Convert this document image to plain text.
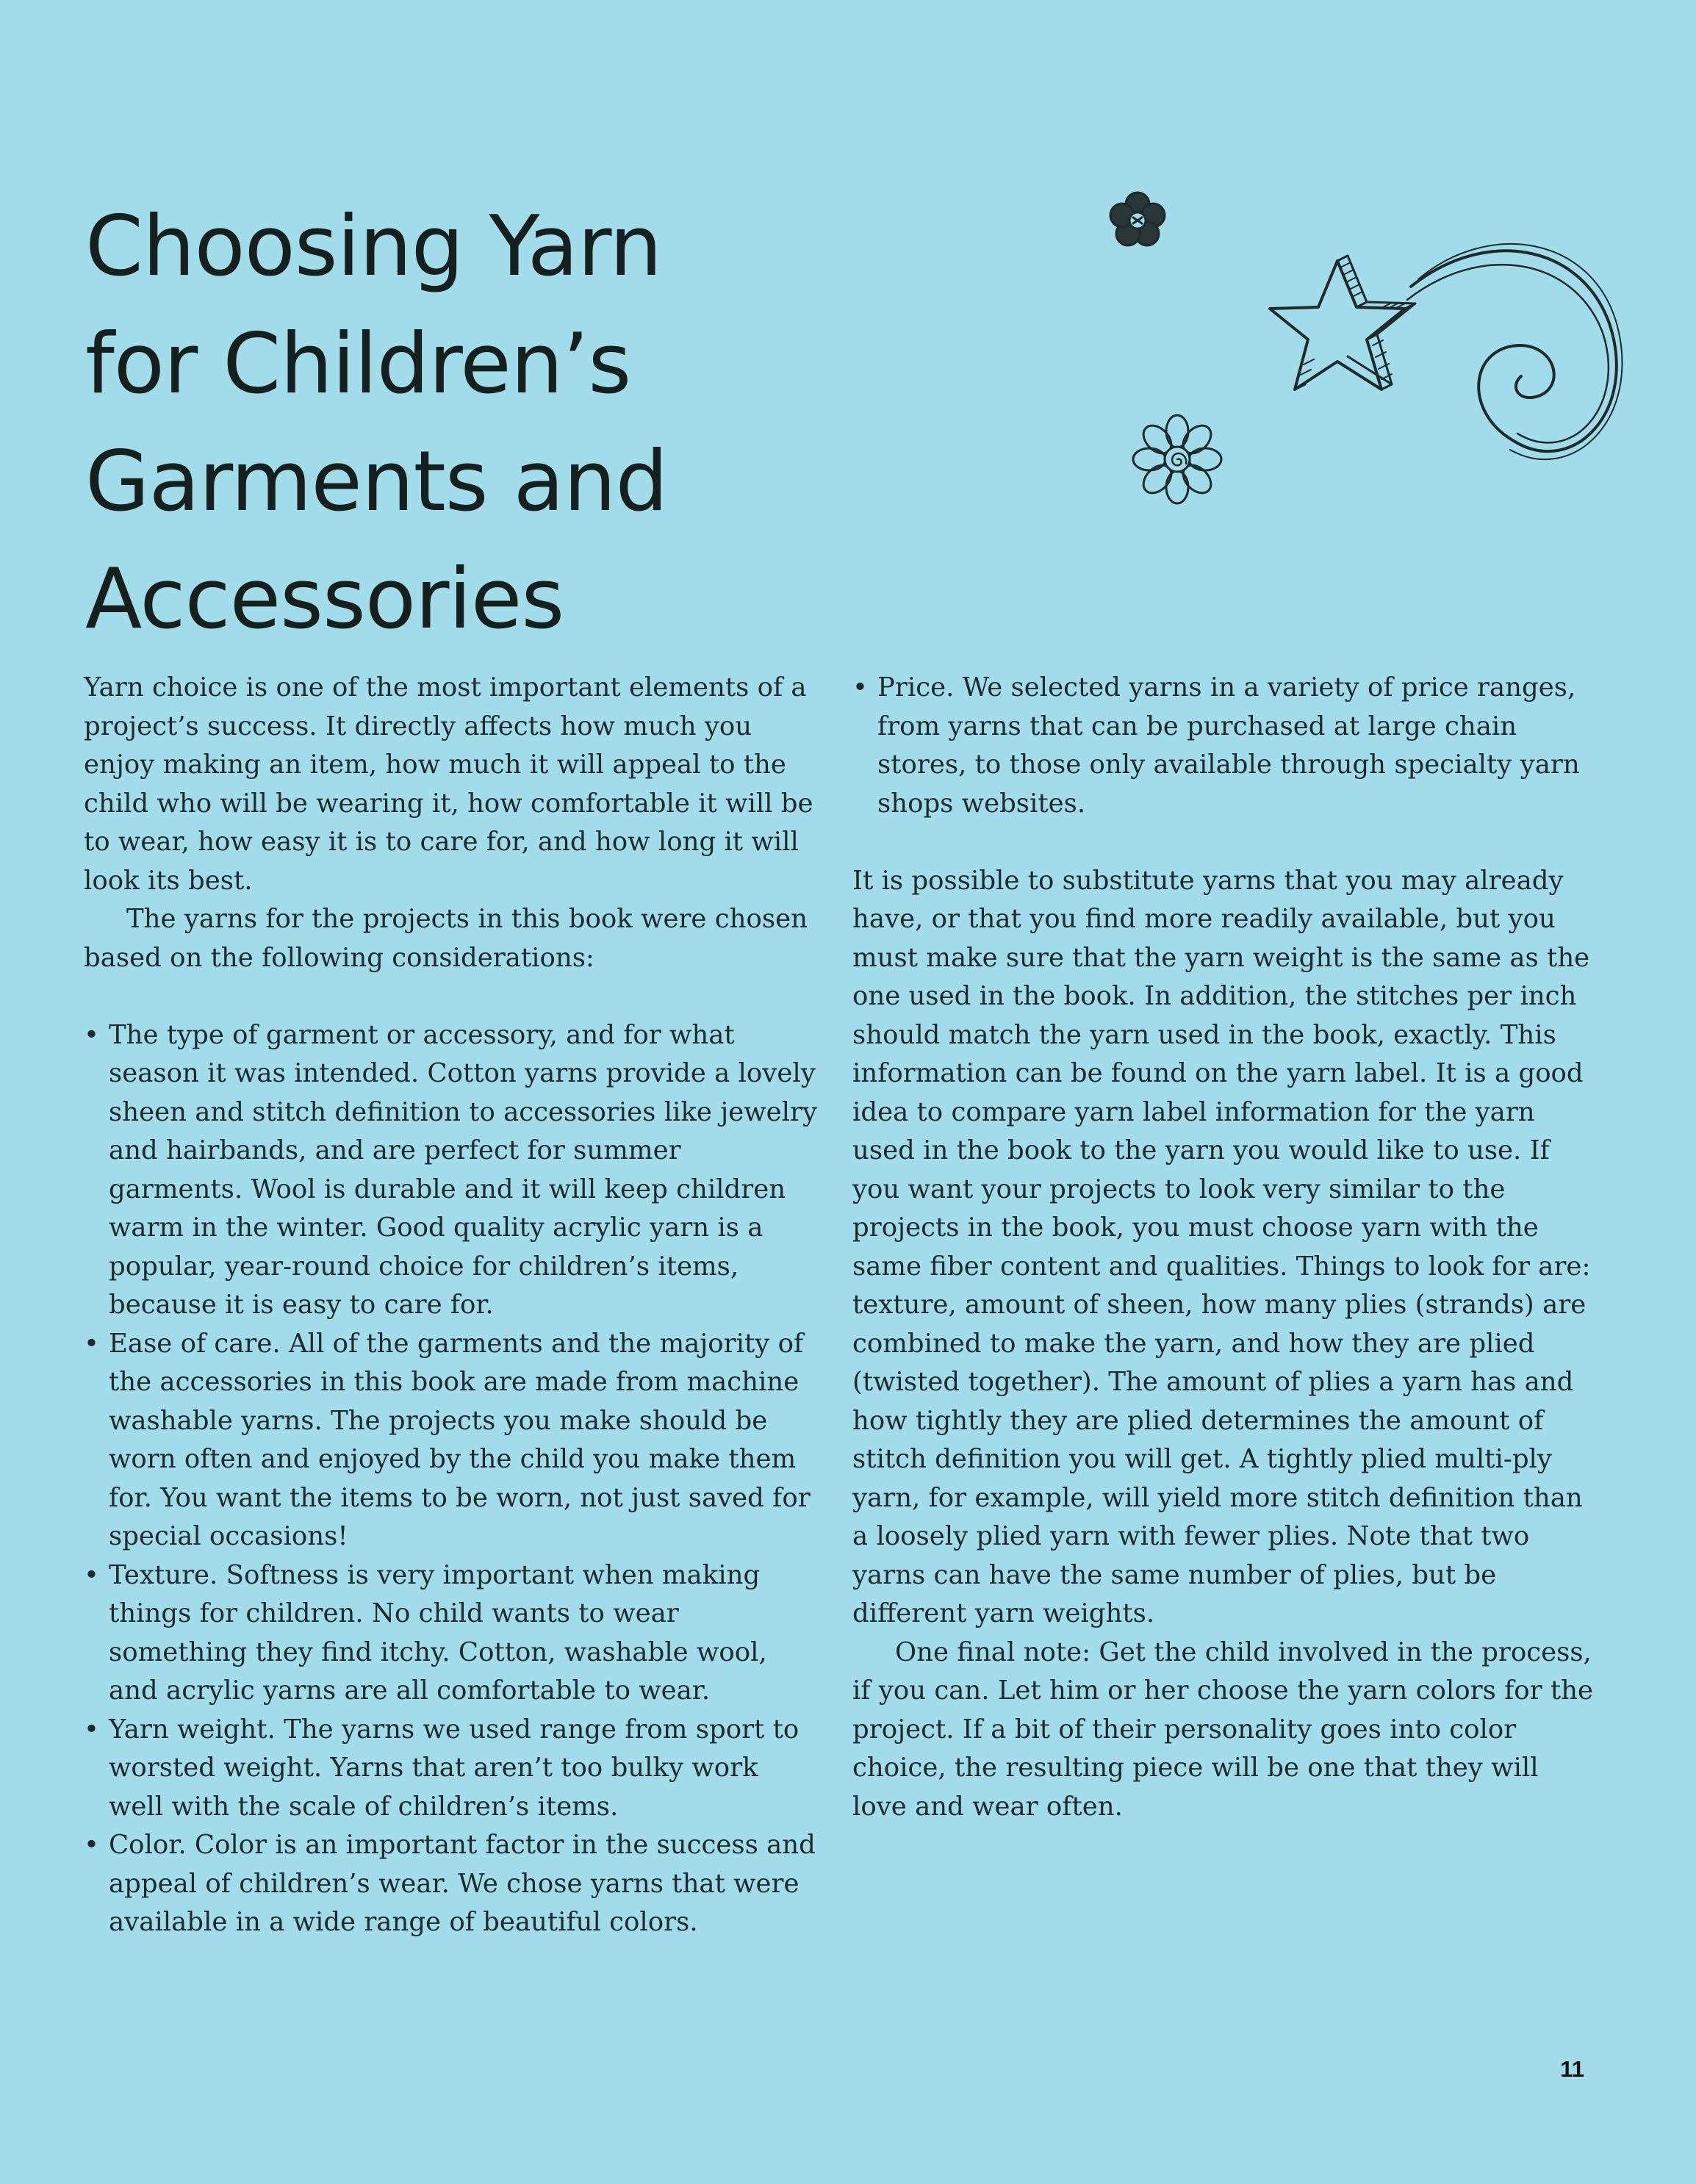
Choosing Yarn
for Children’s
Garments and
Accessories

Yarn choice is one of the most important elements of a project’s success. It directly affects how much you enjoy making an item, how much it will appeal to the child who will be wearing it, how comfortable it will be to wear, how easy it is to care for, and how long it will look its best.

The yarns for the projects in this book were chosen based on the following considerations:

• The type of garment or accessory, and for what season it was intended. Cotton yarns provide a lovely sheen and stitch definition to accessories like jewelry and hairbands, and are perfect for summer garments. Wool is durable and it will keep children warm in the winter. Good quality acrylic yarn is a popular, year-round choice for children’s items, because it is easy to care for.
• Ease of care. All of the garments and the majority of the accessories in this book are made from machine washable yarns. The projects you make should be worn often and enjoyed by the child you make them for. You want the items to be worn, not just saved for special occasions!
• Texture. Softness is very important when making things for children. No child wants to wear something they find itchy. Cotton, washable wool, and acrylic yarns are all comfortable to wear.
• Yarn weight. The yarns we used range from sport to worsted weight. Yarns that aren’t too bulky work well with the scale of children’s items.
• Color. Color is an important factor in the success and appeal of children’s wear. We chose yarns that were available in a wide range of beautiful colors.
• Price. We selected yarns in a variety of price ranges, from yarns that can be purchased at large chain stores, to those only available through specialty yarn shops websites.

It is possible to substitute yarns that you may already have, or that you find more readily available, but you must make sure that the yarn weight is the same as the one used in the book. In addition, the stitches per inch should match the yarn used in the book, exactly. This information can be found on the yarn label. It is a good idea to compare yarn label information for the yarn used in the book to the yarn you would like to use. If you want your projects to look very similar to the projects in the book, you must choose yarn with the same fiber content and qualities. Things to look for are: texture, amount of sheen, how many plies (strands) are combined to make the yarn, and how they are plied (twisted together). The amount of plies a yarn has and how tightly they are plied determines the amount of stitch definition you will get. A tightly plied multi-ply yarn, for example, will yield more stitch definition than a loosely plied yarn with fewer plies. Note that two yarns can have the same number of plies, but be different yarn weights.

One final note: Get the child involved in the process, if you can. Let him or her choose the yarn colors for the project. If a bit of their personality goes into color choice, the resulting piece will be one that they will love and wear often.

11
